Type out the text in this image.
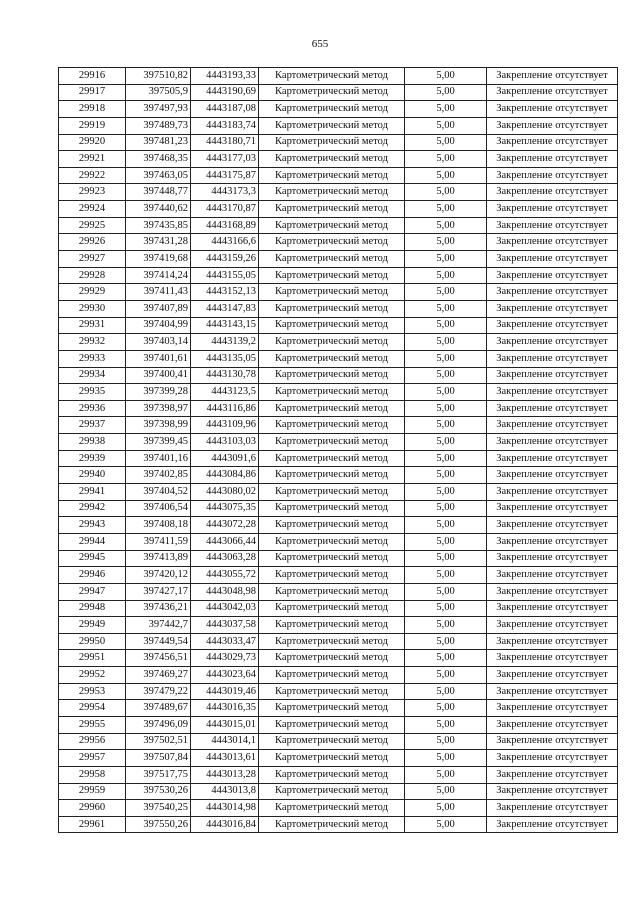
655
29916	397510,82	4443193,33	Картометрический метод	5,00	Закрепление отсутствует
29917	397505,9	4443190,69	Картометрический метод	5,00	Закрепление отсутствует
29918	397497,93	4443187,08	Картометрический метод	5,00	Закрепление отсутствует
29919	397489,73	4443183,74	Картометрический метод	5,00	Закрепление отсутствует
29920	397481,23	4443180,71	Картометрический метод	5,00	Закрепление отсутствует
29921	397468,35	4443177,03	Картометрический метод	5,00	Закрепление отсутствует
29922	397463,05	4443175,87	Картометрический метод	5,00	Закрепление отсутствует
29923	397448,77	4443173,3	Картометрический метод	5,00	Закрепление отсутствует
29924	397440,62	4443170,87	Картометрический метод	5,00	Закрепление отсутствует
29925	397435,85	4443168,89	Картометрический метод	5,00	Закрепление отсутствует
29926	397431,28	4443166,6	Картометрический метод	5,00	Закрепление отсутствует
29927	397419,68	4443159,26	Картометрический метод	5,00	Закрепление отсутствует
29928	397414,24	4443155,05	Картометрический метод	5,00	Закрепление отсутствует
29929	397411,43	4443152,13	Картометрический метод	5,00	Закрепление отсутствует
29930	397407,89	4443147,83	Картометрический метод	5,00	Закрепление отсутствует
29931	397404,99	4443143,15	Картометрический метод	5,00	Закрепление отсутствует
29932	397403,14	4443139,2	Картометрический метод	5,00	Закрепление отсутствует
29933	397401,61	4443135,05	Картометрический метод	5,00	Закрепление отсутствует
29934	397400,41	4443130,78	Картометрический метод	5,00	Закрепление отсутствует
29935	397399,28	4443123,5	Картометрический метод	5,00	Закрепление отсутствует
29936	397398,97	4443116,86	Картометрический метод	5,00	Закрепление отсутствует
29937	397398,99	4443109,96	Картометрический метод	5,00	Закрепление отсутствует
29938	397399,45	4443103,03	Картометрический метод	5,00	Закрепление отсутствует
29939	397401,16	4443091,6	Картометрический метод	5,00	Закрепление отсутствует
29940	397402,85	4443084,86	Картометрический метод	5,00	Закрепление отсутствует
29941	397404,52	4443080,02	Картометрический метод	5,00	Закрепление отсутствует
29942	397406,54	4443075,35	Картометрический метод	5,00	Закрепление отсутствует
29943	397408,18	4443072,28	Картометрический метод	5,00	Закрепление отсутствует
29944	397411,59	4443066,44	Картометрический метод	5,00	Закрепление отсутствует
29945	397413,89	4443063,28	Картометрический метод	5,00	Закрепление отсутствует
29946	397420,12	4443055,72	Картометрический метод	5,00	Закрепление отсутствует
29947	397427,17	4443048,98	Картометрический метод	5,00	Закрепление отсутствует
29948	397436,21	4443042,03	Картометрический метод	5,00	Закрепление отсутствует
29949	397442,7	4443037,58	Картометрический метод	5,00	Закрепление отсутствует
29950	397449,54	4443033,47	Картометрический метод	5,00	Закрепление отсутствует
29951	397456,51	4443029,73	Картометрический метод	5,00	Закрепление отсутствует
29952	397469,27	4443023,64	Картометрический метод	5,00	Закрепление отсутствует
29953	397479,22	4443019,46	Картометрический метод	5,00	Закрепление отсутствует
29954	397489,67	4443016,35	Картометрический метод	5,00	Закрепление отсутствует
29955	397496,09	4443015,01	Картометрический метод	5,00	Закрепление отсутствует
29956	397502,51	4443014,1	Картометрический метод	5,00	Закрепление отсутствует
29957	397507,84	4443013,61	Картометрический метод	5,00	Закрепление отсутствует
29958	397517,75	4443013,28	Картометрический метод	5,00	Закрепление отсутствует
29959	397530,26	4443013,8	Картометрический метод	5,00	Закрепление отсутствует
29960	397540,25	4443014,98	Картометрический метод	5,00	Закрепление отсутствует
29961	397550,26	4443016,84	Картометрический метод	5,00	Закрепление отсутствует
